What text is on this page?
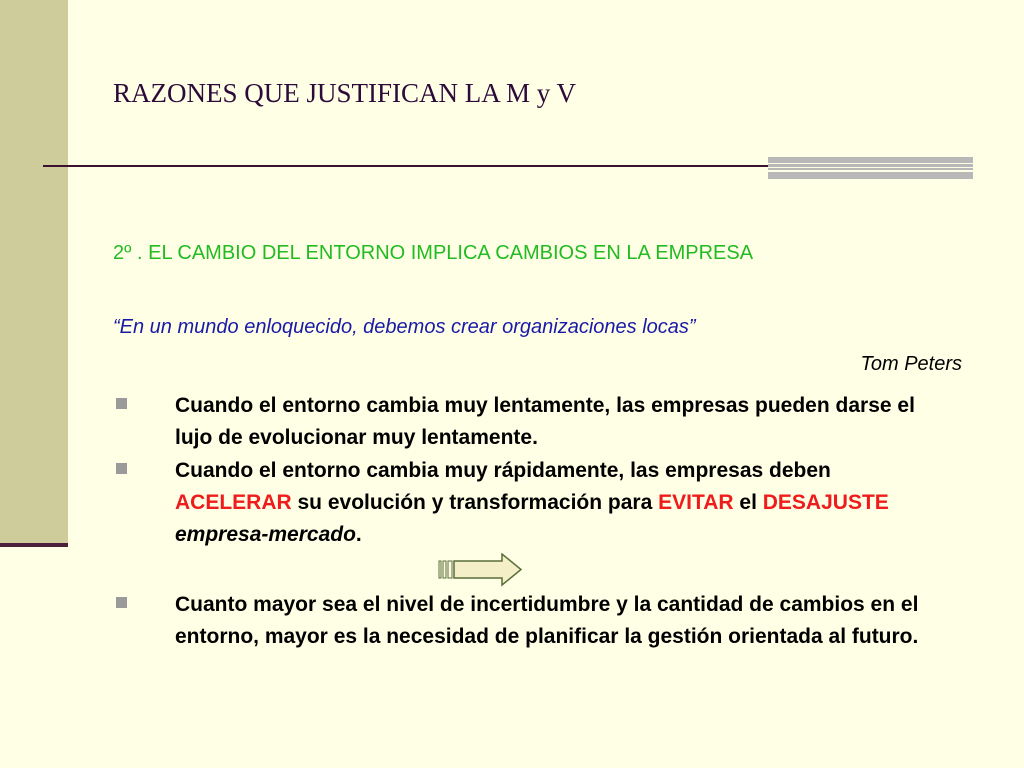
RAZONES QUE JUSTIFICAN LA M y V
2º . EL CAMBIO DEL ENTORNO IMPLICA CAMBIOS EN LA EMPRESA
“En un mundo enloquecido, debemos crear organizaciones locas”
Tom Peters
Cuando el entorno cambia muy lentamente, las empresas pueden darse el lujo de evolucionar muy lentamente.
Cuando el entorno cambia muy rápidamente, las empresas deben ACELERAR su evolución y transformación para EVITAR el DESAJUSTE empresa-mercado.
Cuanto mayor sea el nivel de incertidumbre y la cantidad de cambios en el entorno, mayor es la necesidad de planificar la gestión orientada al futuro.
